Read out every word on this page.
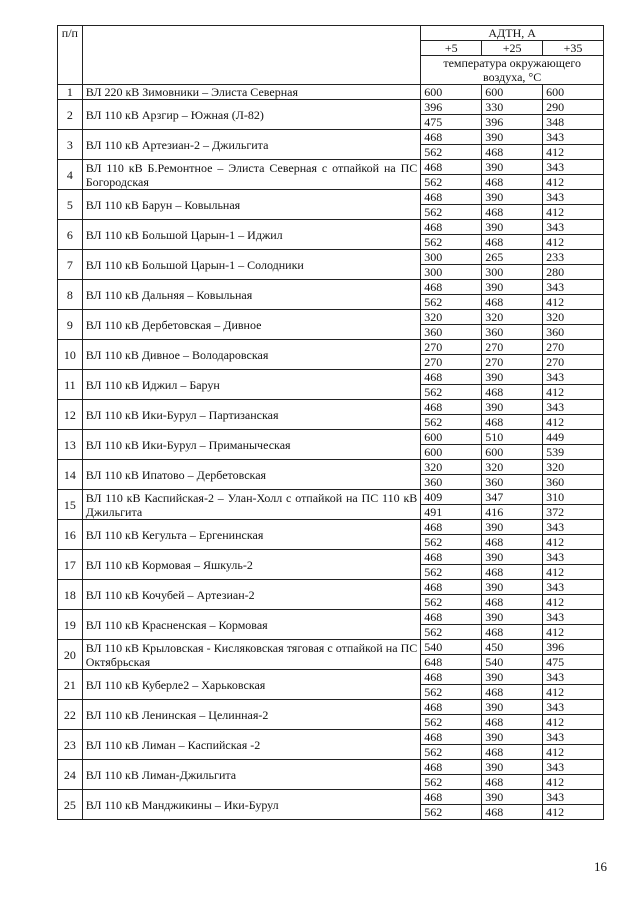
п/п		АДТН, А		
		+5	+25	+35
		температура окружающего воздуха, °С		
1	ВЛ 220 кВ Зимовники – Элиста Северная	600	600	600
2	ВЛ 110 кВ Арзгир – Южная (Л-82)	396	330	290
		475	396	348
3	ВЛ 110 кВ Артезиан-2 – Джильгита	468	390	343
		562	468	412
4	ВЛ 110 кВ Б.Ремонтное – Элиста Северная с отпайкой на ПС Богородская	468	390	343
		562	468	412
5	ВЛ 110 кВ Барун – Ковыльная	468	390	343
		562	468	412
6	ВЛ 110 кВ Большой Царын-1 – Иджил	468	390	343
		562	468	412
7	ВЛ 110 кВ Большой Царын-1 – Солодники	300	265	233
		300	300	280
8	ВЛ 110 кВ Дальняя – Ковыльная	468	390	343
		562	468	412
9	ВЛ 110 кВ Дербетовская – Дивное	320	320	320
		360	360	360
10	ВЛ 110 кВ Дивное – Володаровская	270	270	270
		270	270	270
11	ВЛ 110 кВ Иджил – Барун	468	390	343
		562	468	412
12	ВЛ 110 кВ Ики-Бурул – Партизанская	468	390	343
		562	468	412
13	ВЛ 110 кВ Ики-Бурул – Приманыческая	600	510	449
		600	600	539
14	ВЛ 110 кВ Ипатово – Дербетовская	320	320	320
		360	360	360
15	ВЛ 110 кВ Каспийская-2 – Улан-Холл с отпайкой на ПС 110 кВ Джильгита	409	347	310
		491	416	372
16	ВЛ 110 кВ Кегульта – Ергенинская	468	390	343
		562	468	412
17	ВЛ 110 кВ Кормовая – Яшкуль-2	468	390	343
		562	468	412
18	ВЛ 110 кВ Кочубей – Артезиан-2	468	390	343
		562	468	412
19	ВЛ 110 кВ Красненская – Кормовая	468	390	343
		562	468	412
20	ВЛ 110 кВ Крыловская - Кисляковская тяговая с отпайкой на ПС Октябрьская	540	450	396
		648	540	475
21	ВЛ 110 кВ Куберле2 – Харьковская	468	390	343
		562	468	412
22	ВЛ 110 кВ Ленинская – Целинная-2	468	390	343
		562	468	412
23	ВЛ 110 кВ Лиман – Каспийская -2	468	390	343
		562	468	412
24	ВЛ 110 кВ Лиман-Джильгита	468	390	343
		562	468	412
25	ВЛ 110 кВ Манджикины – Ики-Бурул	468	390	343
		562	468	412
16
